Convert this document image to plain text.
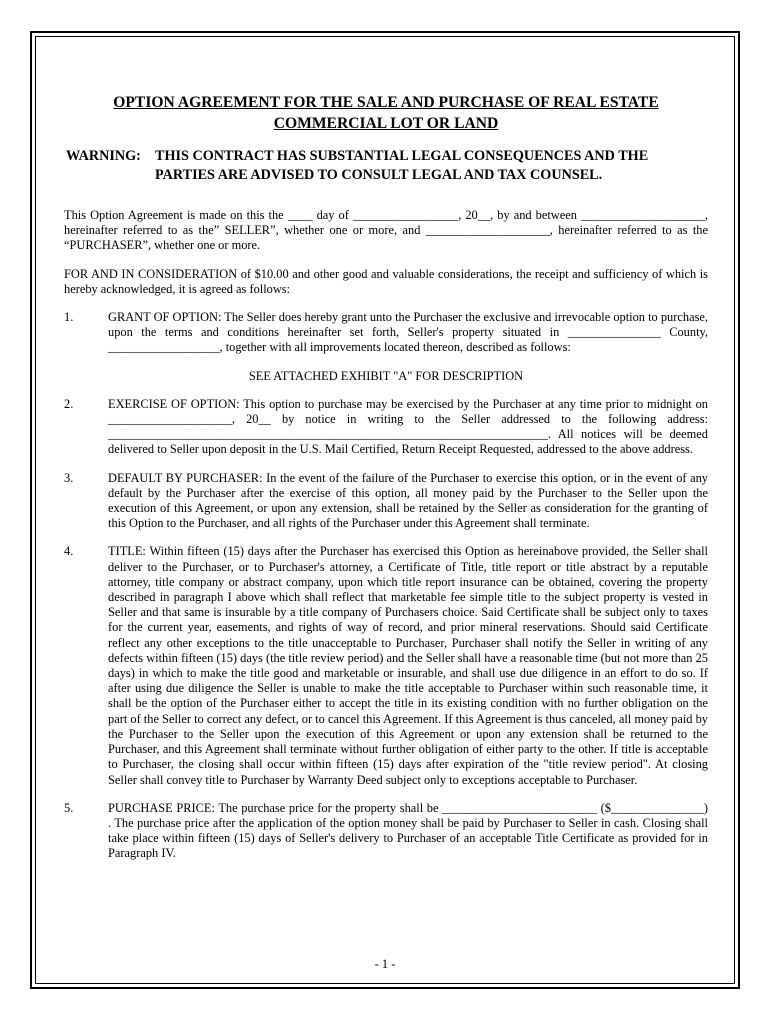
OPTION AGREEMENT FOR THE SALE AND PURCHASE OF REAL ESTATE
COMMERCIAL LOT OR LAND
WARNING: THIS CONTRACT HAS SUBSTANTIAL LEGAL CONSEQUENCES AND THE PARTIES ARE ADVISED TO CONSULT LEGAL AND TAX COUNSEL.

This Option Agreement is made on this the ____ day of _________________, 20__, by and between ____________________, hereinafter referred to as the” SELLER”, whether one or more, and ____________________, hereinafter referred to as the “PURCHASER”, whether one or more.

FOR AND IN CONSIDERATION of $10.00 and other good and valuable considerations, the receipt and sufficiency of which is hereby acknowledged, it is agreed as follows:

1.	GRANT OF OPTION: The Seller does hereby grant unto the Purchaser the exclusive and irrevocable option to purchase, upon the terms and conditions hereinafter set forth, Seller's property situated in _______________ County, __________________, together with all improvements located thereon, described as follows:
SEE ATTACHED EXHIBIT "A" FOR DESCRIPTION
2.	EXERCISE OF OPTION: This option to purchase may be exercised by the Purchaser at any time prior to midnight on ____________________, 20__ by notice in writing to the Seller addressed to the following address: _______________________________________________________________________. All notices will be deemed delivered to Seller upon deposit in the U.S. Mail Certified, Return Receipt Requested, addressed to the above address.
3.	DEFAULT BY PURCHASER: In the event of the failure of the Purchaser to exercise this option, or in the event of any default by the Purchaser after the exercise of this option, all money paid by the Purchaser to the Seller upon the execution of this Agreement, or upon any extension, shall be retained by the Seller as consideration for the granting of this Option to the Purchaser, and all rights of the Purchaser under this Agreement shall terminate.
4.	TITLE: Within fifteen (15) days after the Purchaser has exercised this Option as hereinabove provided, the Seller shall deliver to the Purchaser, or to Purchaser's attorney, a Certificate of Title, title report or title abstract by a reputable attorney, title company or abstract company, upon which title report insurance can be obtained, covering the property described in paragraph I above which shall reflect that marketable fee simple title to the subject property is vested in Seller and that same is insurable by a title company of Purchasers choice. Said Certificate shall be subject only to taxes for the current year, easements, and rights of way of record, and prior mineral reservations. Should said Certificate reflect any other exceptions to the title unacceptable to Purchaser, Purchaser shall notify the Seller in writing of any defects within fifteen (15) days (the title review period) and the Seller shall have a reasonable time (but not more than 25 days) in which to make the title good and marketable or insurable, and shall use due diligence in an effort to do so. If after using due diligence the Seller is unable to make the title acceptable to Purchaser within such reasonable time, it shall be the option of the Purchaser either to accept the title in its existing condition with no further obligation on the part of the Seller to correct any defect, or to cancel this Agreement. If this Agreement is thus canceled, all money paid by the Purchaser to the Seller upon the execution of this Agreement or upon any extension shall be returned to the Purchaser, and this Agreement shall terminate without further obligation of either party to the other. If title is acceptable to Purchaser, the closing shall occur within fifteen (15) days after expiration of the "title review period". At closing Seller shall convey title to Purchaser by Warranty Deed subject only to exceptions acceptable to Purchaser.
5.	PURCHASE PRICE: The purchase price for the property shall be _________________________ ($_______________) . The purchase price after the application of the option money shall be paid by Purchaser to Seller in cash. Closing shall take place within fifteen (15) days of Seller's delivery to Purchaser of an acceptable Title Certificate as provided for in Paragraph IV.
- 1 -
